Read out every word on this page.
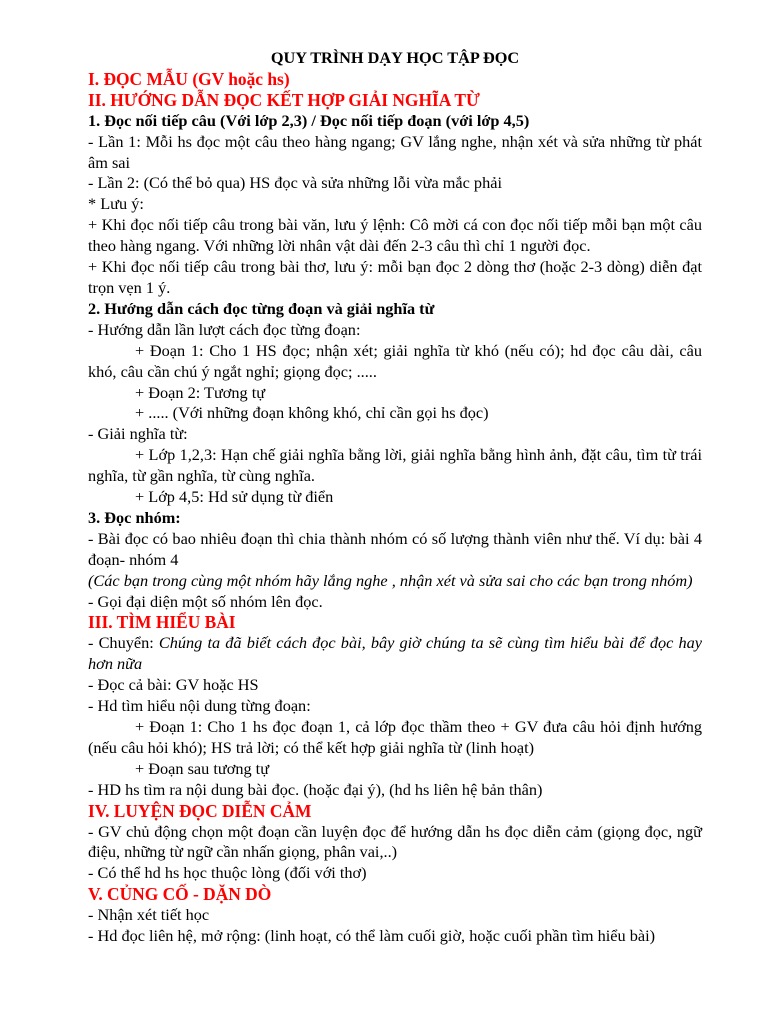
QUY TRÌNH DẠY HỌC TẬP ĐỌC

I. ĐỌC MẪU (GV hoặc hs)

II. HƯỚNG DẪN ĐỌC KẾT HỢP GIẢI NGHĨA TỪ

1. Đọc nối tiếp câu (Với lớp 2,3) / Đọc nối tiếp đoạn (với lớp 4,5)

- Lần 1: Mỗi hs đọc một câu theo hàng ngang; GV lắng nghe, nhận xét và sửa những từ phát âm sai

- Lần 2: (Có thể bỏ qua) HS đọc và sửa những lỗi vừa mắc phải

* Lưu ý:

+ Khi đọc nối tiếp câu trong bài văn, lưu ý lệnh: Cô mời cá con đọc nối tiếp mỗi bạn một câu theo hàng ngang. Với những lời nhân vật dài đến 2-3 câu thì chỉ 1 người đọc.

+ Khi đọc nối tiếp câu trong bài thơ, lưu ý: mỗi bạn đọc 2 dòng thơ (hoặc 2-3 dòng) diễn đạt trọn vẹn 1 ý.

2. Hướng dẫn cách đọc từng đoạn và giải nghĩa từ

- Hướng dẫn lần lượt cách đọc từng đoạn:

+ Đoạn 1: Cho 1 HS đọc; nhận xét; giải nghĩa từ khó (nếu có); hd đọc câu dài, câu khó, câu cần chú ý ngắt nghỉ; giọng đọc; .....

+ Đoạn 2: Tương tự

+ ..... (Với những đoạn không khó, chỉ cần gọi hs đọc)

- Giải nghĩa từ:

+ Lớp 1,2,3: Hạn chế giải nghĩa bằng lời, giải nghĩa bằng hình ảnh, đặt câu, tìm từ trái nghĩa, từ gần nghĩa, từ cùng nghĩa.

+ Lớp 4,5: Hd sử dụng từ điển

3. Đọc nhóm:

- Bài đọc có bao nhiêu đoạn thì chia thành nhóm có số lượng thành viên như thế. Ví dụ: bài 4 đoạn- nhóm 4

(Các bạn trong cùng một nhóm hãy lắng nghe , nhận xét và sửa sai cho các bạn trong nhóm)

- Gọi đại diện một số nhóm lên đọc.

III. TÌM HIỂU BÀI

- Chuyển: Chúng ta đã biết cách đọc bài, bây giờ chúng ta sẽ cùng tìm hiểu bài để đọc hay hơn nữa

- Đọc cả bài: GV hoặc HS

- Hd tìm hiểu nội dung từng đoạn:

+ Đoạn 1: Cho 1 hs đọc đoạn 1, cả lớp đọc thầm theo + GV đưa câu hỏi định hướng (nếu câu hỏi khó); HS trả lời; có thể kết hợp giải nghĩa từ (linh hoạt)

+ Đoạn sau tương tự

- HD hs tìm ra nội dung bài đọc. (hoặc đại ý), (hd hs liên hệ bản thân)

IV. LUYỆN ĐỌC DIỄN CẢM

- GV chủ động chọn một đoạn cần luyện đọc để hướng dẫn hs đọc diễn cảm (giọng đọc, ngữ điệu, những từ ngữ cần nhấn giọng, phân vai,..)

- Có thể hd hs học thuộc lòng (đối với thơ)

V. CỦNG CỐ - DẶN DÒ

- Nhận xét tiết học

- Hd đọc liên hệ, mở rộng: (linh hoạt, có thể làm cuối giờ, hoặc cuối phần tìm hiểu bài)
